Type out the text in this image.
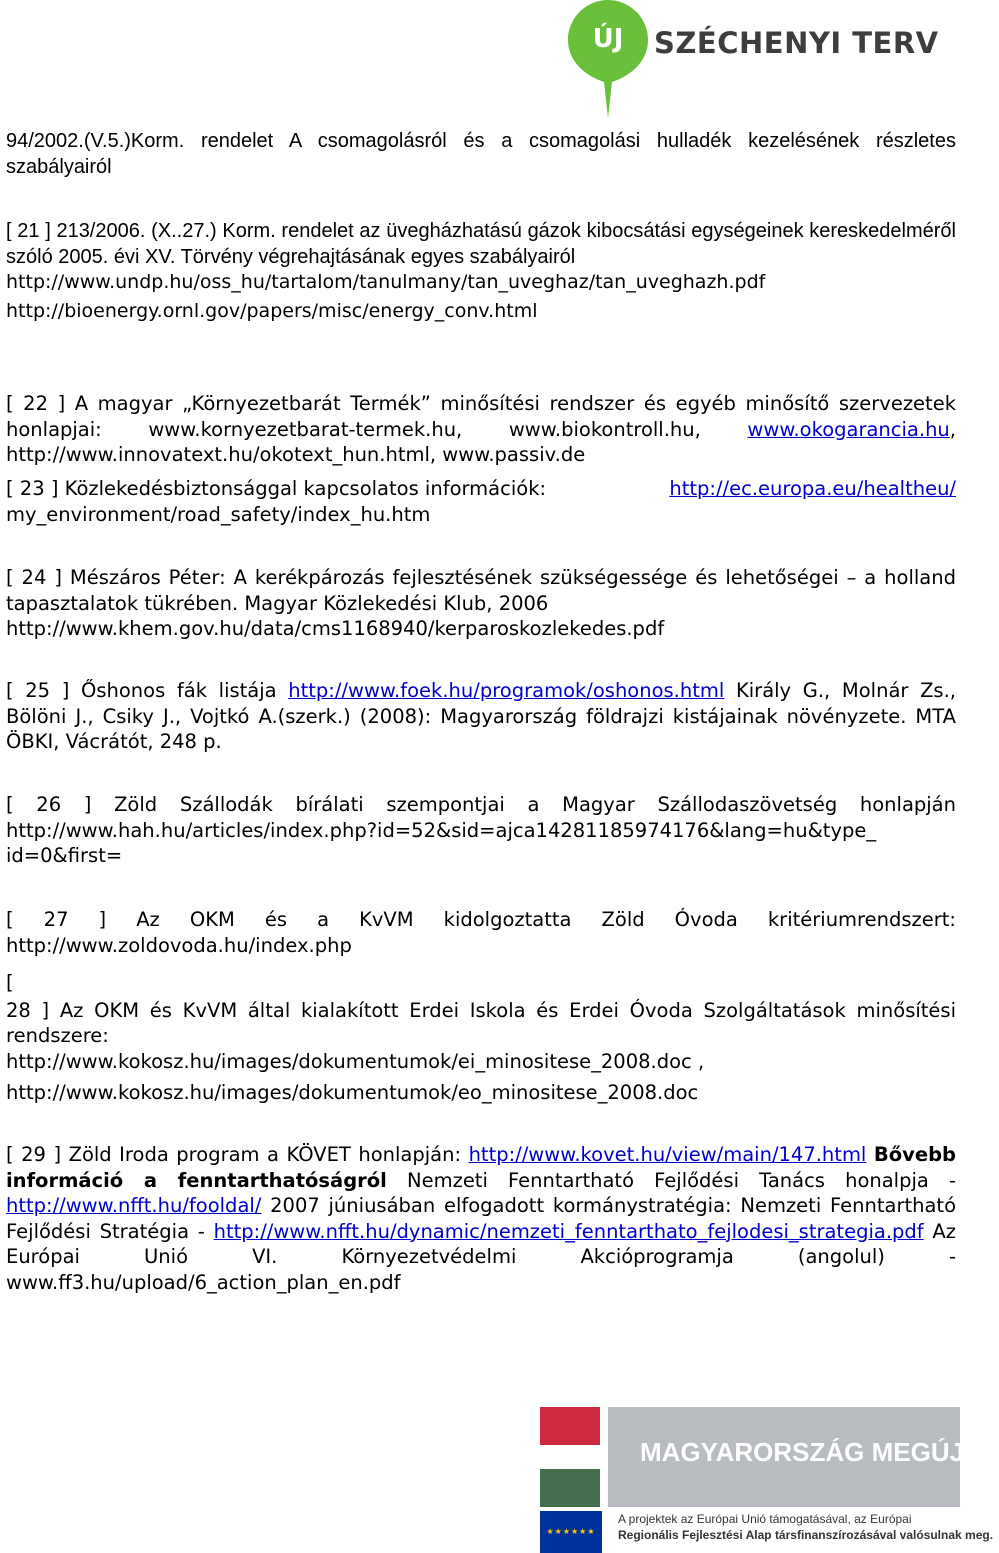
ÚJ	SZÉCHENYI TERV
94/2002.(V.5.)Korm. rendelet A csomagolásról és a csomagolási hulladék kezelésének részletes szabályairól
[ 21 ] 213/2006. (X..27.) Korm. rendelet az üvegházhatású gázok kibocsátási egységeinek kereskedelméről szóló 2005. évi XV. Törvény végrehajtásának egyes szabályairól
http://www.undp.hu/oss_hu/tartalom/tanulmany/tan_uveghaz/tan_uveghazh.pdf
http://bioenergy.ornl.gov/papers/misc/energy_conv.html
[ 22 ] A magyar „Környezetbarát Termék” minősítési rendszer és egyéb minősítő szervezetek honlapjai: www.kornyezetbarat-termek.hu, www.biokontroll.hu, www.okogarancia.hu, http://www.innovatext.hu/okotext_hun.html, www.passiv.de
[ 23 ] Közlekedésbiztonsággal kapcsolatos információk:	http://ec.europa.eu/healtheu/
my_environment/road_safety/index_hu.htm
[ 24 ] Mészáros Péter: A kerékpározás fejlesztésének szükségessége és lehetőségei – a holland tapasztalatok tükrében. Magyar Közlekedési Klub, 2006
http://www.khem.gov.hu/data/cms1168940/kerparoskozlekedes.pdf
[ 25 ] Őshonos fák listája http://www.foek.hu/programok/oshonos.html Király G., Molnár Zs., Bölöni J., Csiky J., Vojtkó A.(szerk.) (2008): Magyarország földrajzi kistájainak növényzete. MTA ÖBKI, Vácrátót, 248 p.
[ 26 ] Zöld Szállodák bírálati szempontjai a Magyar Szállodaszövetség honlapján
http://www.hah.hu/articles/index.php?id=52&sid=ajca14281185974176&lang=hu&type_
id=0&first=
[ 27 ] Az OKM és a KvVM kidolgoztatta Zöld Óvoda kritériumrendszert:
http://www.zoldovoda.hu/index.php
[
28 ] Az OKM és KvVM által kialakított Erdei Iskola és Erdei Óvoda Szolgáltatások minősítési rendszere:
http://www.kokosz.hu/images/dokumentumok/ei_minositese_2008.doc ,
http://www.kokosz.hu/images/dokumentumok/eo_minositese_2008.doc
[ 29 ] Zöld Iroda program a KÖVET honlapján: http://www.kovet.hu/view/main/147.html Bővebb információ a fenntarthatóságról Nemzeti Fenntartható Fejlődési Tanács honalpja - http://www.nfft.hu/fooldal/ 2007 júniusában elfogadott kormánystratégia: Nemzeti Fenntartható Fejlődési Stratégia - http://www.nfft.hu/dynamic/nemzeti_fenntarthato_fejlodesi_strategia.pdf Az Európai Unió VI. Környezetvédelmi Akcióprogramja (angolul) - www.ff3.hu/upload/6_action_plan_en.pdf
MAGYARORSZÁG MEGÚJUL
★★★★★★
A projektek az Európai Unió támogatásával, az Európai
Regionális Fejlesztési Alap társfinanszírozásával valósulnak meg.
